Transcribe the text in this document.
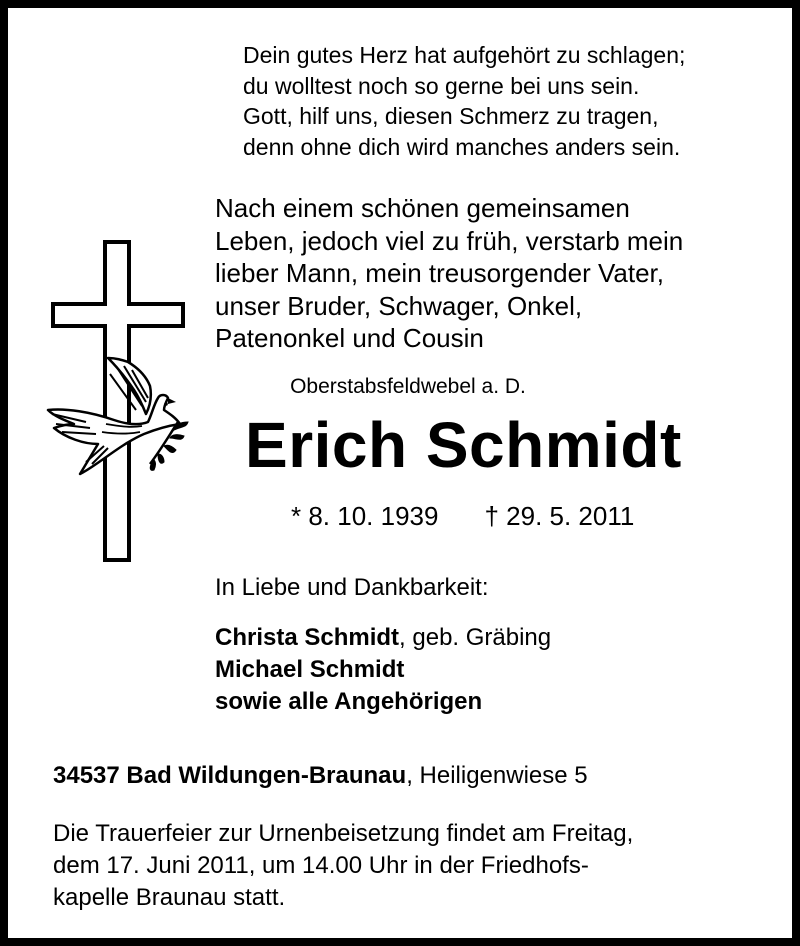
Dein gutes Herz hat aufgehört zu schlagen;
du wolltest noch so gerne bei uns sein.
Gott, hilf uns, diesen Schmerz zu tragen,
denn ohne dich wird manches anders sein.
Nach einem schönen gemeinsamen
Leben, jedoch viel zu früh, verstarb mein
lieber Mann, mein treusorgender Vater,
unser Bruder, Schwager, Onkel,
Patenonkel und Cousin
Oberstabsfeldwebel a. D.
Erich Schmidt
* 8. 10. 1939 † 29. 5. 2011
In Liebe und Dankbarkeit:
Christa Schmidt, geb. Gräbing
Michael Schmidt
sowie alle Angehörigen
34537 Bad Wildungen-Braunau, Heiligenwiese 5
Die Trauerfeier zur Urnenbeisetzung findet am Freitag,
dem 17. Juni 2011, um 14.00 Uhr in der Friedhofs-
kapelle Braunau statt.
